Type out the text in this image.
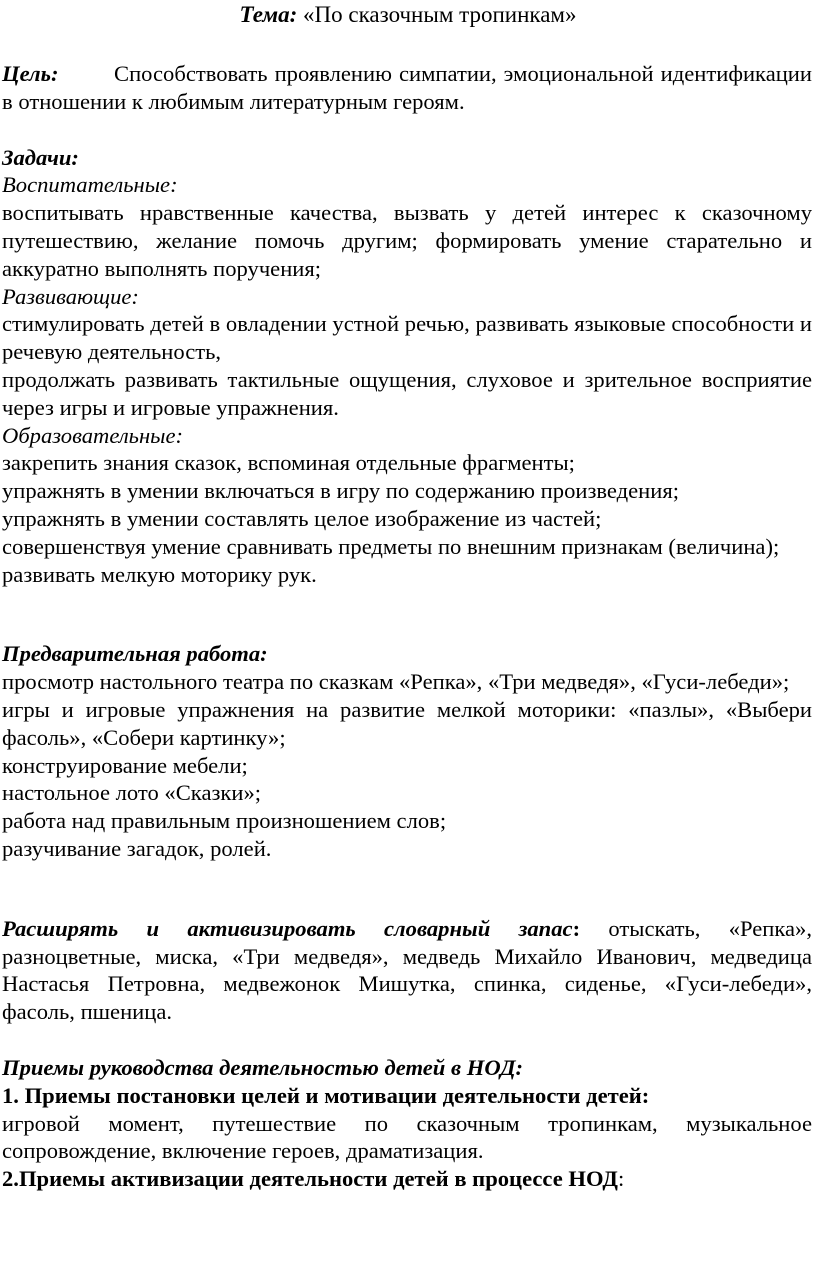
Тема: «По сказочным тропинкам»

Цель: Способствовать проявлению симпатии, эмоциональной идентификации в отношении к любимым литературным героям.

Задачи:

Воспитательные:

воспитывать нравственные качества, вызвать у детей интерес к сказочному путешествию, желание помочь другим; формировать умение старательно и аккуратно выполнять поручения;

Развивающие:

стимулировать детей в овладении устной речью, развивать языковые способности и речевую деятельность,

продолжать развивать тактильные ощущения, слуховое и зрительное восприятие через игры и игровые упражнения.

Образовательные:

закрепить знания сказок, вспоминая отдельные фрагменты;

упражнять в умении включаться в игру по содержанию произведения;

упражнять в умении составлять целое изображение из частей;

совершенствуя умение сравнивать предметы по внешним признакам (величина);

развивать мелкую моторику рук.

Предварительная работа:

просмотр настольного театра по сказкам «Репка», «Три медведя», «Гуси-лебеди»;

игры и игровые упражнения на развитие мелкой моторики: «пазлы», «Выбери фасоль», «Собери картинку»;

конструирование мебели;

настольное лото «Сказки»;

работа над правильным произношением слов;

разучивание загадок, ролей.

Расширять и активизировать словарный запас: отыскать, «Репка», разноцветные, миска, «Три медведя», медведь Михайло Иванович, медведица Настасья Петровна, медвежонок Мишутка, спинка, сиденье, «Гуси-лебеди», фасоль, пшеница.

Приемы руководства деятельностью детей в НОД:

1. Приемы постановки целей и мотивации деятельности детей:

игровой момент, путешествие по сказочным тропинкам, музыкальное сопровождение, включение героев, драматизация.

2.Приемы активизации деятельности детей в процессе НОД:
